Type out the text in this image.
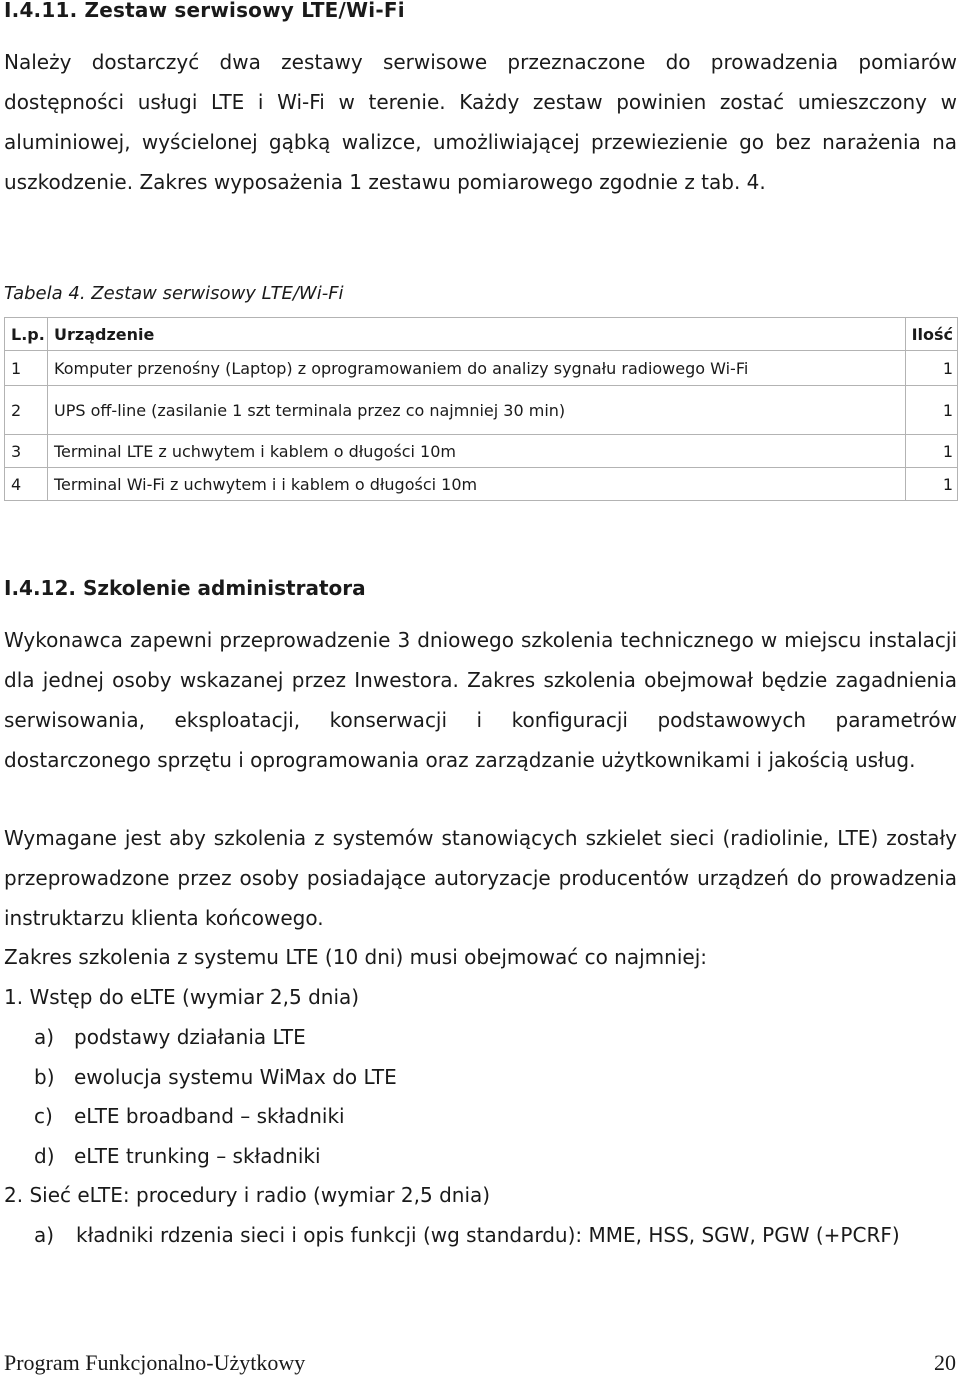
I.4.11. Zestaw serwisowy LTE/Wi-Fi
Należy dostarczyć dwa zestawy serwisowe przeznaczone do prowadzenia pomiarów dostępności usługi LTE i Wi-Fi w terenie. Każdy zestaw powinien zostać umieszczony w aluminiowej, wyścielonej gąbką walizce, umożliwiającej przewiezienie go bez narażenia na uszkodzenie. Zakres wyposażenia 1 zestawu pomiarowego zgodnie z tab. 4.
Tabela 4. Zestaw serwisowy LTE/Wi-Fi
L.p.	Urządzenie	Ilość
1	Komputer przenośny (Laptop) z oprogramowaniem do analizy sygnału radiowego Wi-Fi	1
2	UPS off-line (zasilanie 1 szt terminala przez co najmniej 30 min)	1
3	Terminal LTE z uchwytem i kablem o długości 10m	1
4	Terminal Wi-Fi z uchwytem i i kablem o długości 10m	1
I.4.12. Szkolenie administratora
Wykonawca zapewni przeprowadzenie 3 dniowego szkolenia technicznego w miejscu instalacji dla jednej osoby wskazanej przez Inwestora. Zakres szkolenia obejmował będzie zagadnienia serwisowania, eksploatacji, konserwacji i konfiguracji podstawowych parametrów dostarczonego sprzętu i oprogramowania oraz zarządzanie użytkownikami i jakością usług.
Wymagane jest aby szkolenia z systemów stanowiących szkielet sieci (radiolinie, LTE) zostały przeprowadzone przez osoby posiadające autoryzacje producentów urządzeń do prowadzenia instruktarzu klienta końcowego.
Zakres szkolenia z systemu LTE (10 dni) musi obejmować co najmniej:
1. Wstęp do eLTE (wymiar 2,5 dnia)
a) podstawy działania LTE
b) ewolucja systemu WiMax do LTE
c) eLTE broadband – składniki
d) eLTE trunking – składniki
2. Sieć eLTE: procedury i radio (wymiar 2,5 dnia)
a) kładniki rdzenia sieci i opis funkcji (wg standardu): MME, HSS, SGW, PGW (+PCRF)
Program Funkcjonalno-Użytkowy	20
